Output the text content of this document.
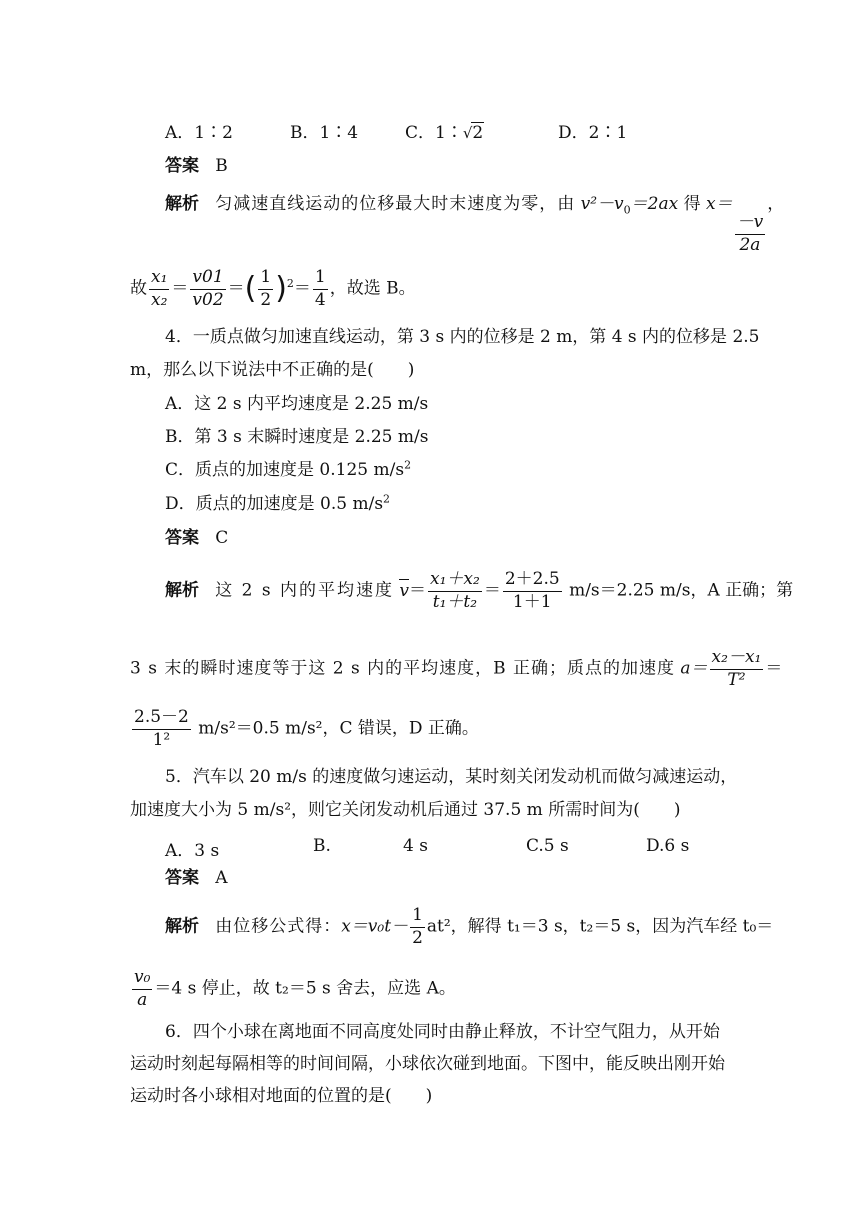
A．1∶2	B．1∶4	C．1∶√2	D．2∶1
答案 B
解析 匀减速直线运动的位移最大时末速度为零，由 $v^2-v_0=2ax$ 得 x＝
$\frac{-v}{2a}$
，
故 $\frac{\text{x₁}}{\text{x₂}} = \frac{v01}{v02}$ ＝ ( $\frac{1}{2}$ ) $^2= \frac{1}{4}$ ，故选 B。
4．一质点做匀加速直线运动，第 3 s 内的位移是 2 m，第 4 s 内的位移是 2.5
m，那么以下说法中不正确的是(　　)
A．这 2 s 内平均速度是 2.25 m/s
B．第 3 s 末瞬时速度是 2.25 m/s
C．质点的加速度是 0.125 $m/s^2$
D．质点的加速度是 0.5 $m/s^2$
答案 C
解析 这 2 s 内的平均速度 $v= \frac{\text{x₁＋x₂}}{\text{t₁＋t₂}} = \frac{2+2.5}{1+1} m/s=2.25$ m/s，A 正确；第
3 s 末的瞬时速度等于这 2 s 内的平均速度，B 正确；质点的加速度 $a= \frac{\text{x₂－x₁}}{\text{T²}}$ ＝
$\frac{2.5-2}{\text{1²}} m/s^2=0.5$ m/s²，C 错误，D 正确。
5．汽车以 20 m/s 的速度做匀速运动，某时刻关闭发动机而做匀减速运动，
加速度大小为 5 m/s²，则它关闭发动机后通过 37.5 m 所需时间为(　　)
A．3 s	B.	4 s	C.5 s	D.6 s
答案 A
解析 由位移公式得：$x=v_0t- \frac{1}{2} at^2$，解得 t₁＝3 s，t₂＝5 s，因为汽车经 t₀＝
$\frac{\text{v₀}}{a} =4$ s 停止，故 t₂＝5 s 舍去，应选 A。
6．四个小球在离地面不同高度处同时由静止释放，不计空气阻力，从开始
运动时刻起每隔相等的时间间隔，小球依次碰到地面。下图中，能反映出刚开始
运动时各小球相对地面的位置的是(　　)
